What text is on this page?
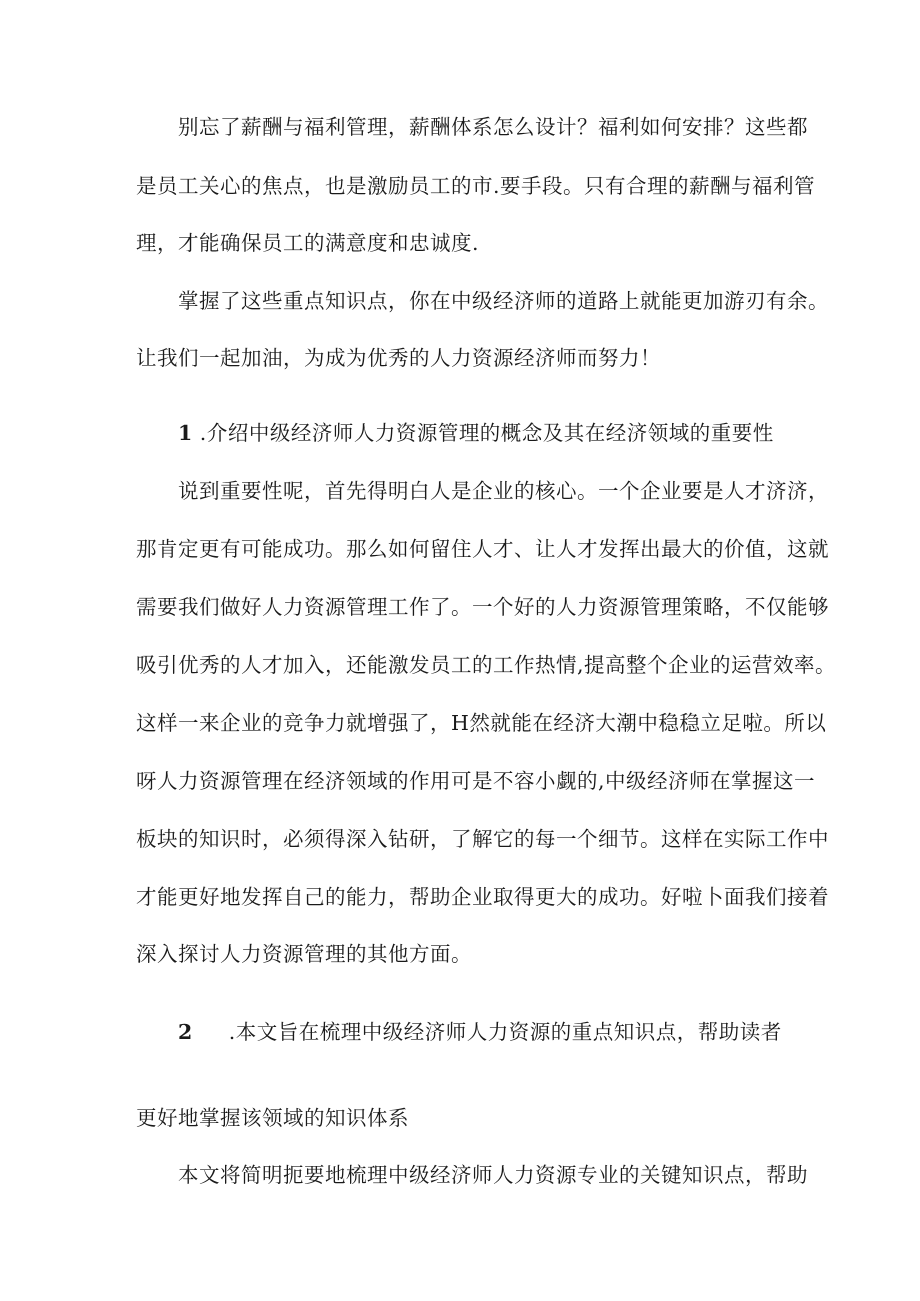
别忘了薪酬与福利管理，薪酬体系怎么设计？福利如何安排？这些都
是员工关心的焦点，也是激励员工的市.要手段。只有合理的薪酬与福利管
理，才能确保员工的满意度和忠诚度.
掌握了这些重点知识点，你在中级经济师的道路上就能更加游刃有余。
让我们一起加油，为成为优秀的人力资源经济师而努力！
1 .介绍中级经济师人力资源管理的概念及其在经济领域的重要性
说到重要性呢，首先得明白人是企业的核心。一个企业要是人才济济，
那肯定更有可能成功。那么如何留住人才、让人才发挥出最大的价值，这就
需要我们做好人力资源管理工作了。一个好的人力资源管理策略，不仅能够
吸引优秀的人才加入，还能激发员工的工作热情,提高整个企业的运营效率。
这样一来企业的竞争力就增强了，H然就能在经济大潮中稳稳立足啦。所以
呀人力资源管理在经济领域的作用可是不容小觑的,中级经济师在掌握这一
板块的知识时，必须得深入钻研，了解它的每一个细节。这样在实际工作中
才能更好地发挥自己的能力，帮助企业取得更大的成功。好啦卜面我们接着
深入探讨人力资源管理的其他方面。
2 .本文旨在梳理中级经济师人力资源的重点知识点，帮助读者
更好地掌握该领域的知识体系
本文将简明扼要地梳理中级经济师人力资源专业的关键知识点，帮助
